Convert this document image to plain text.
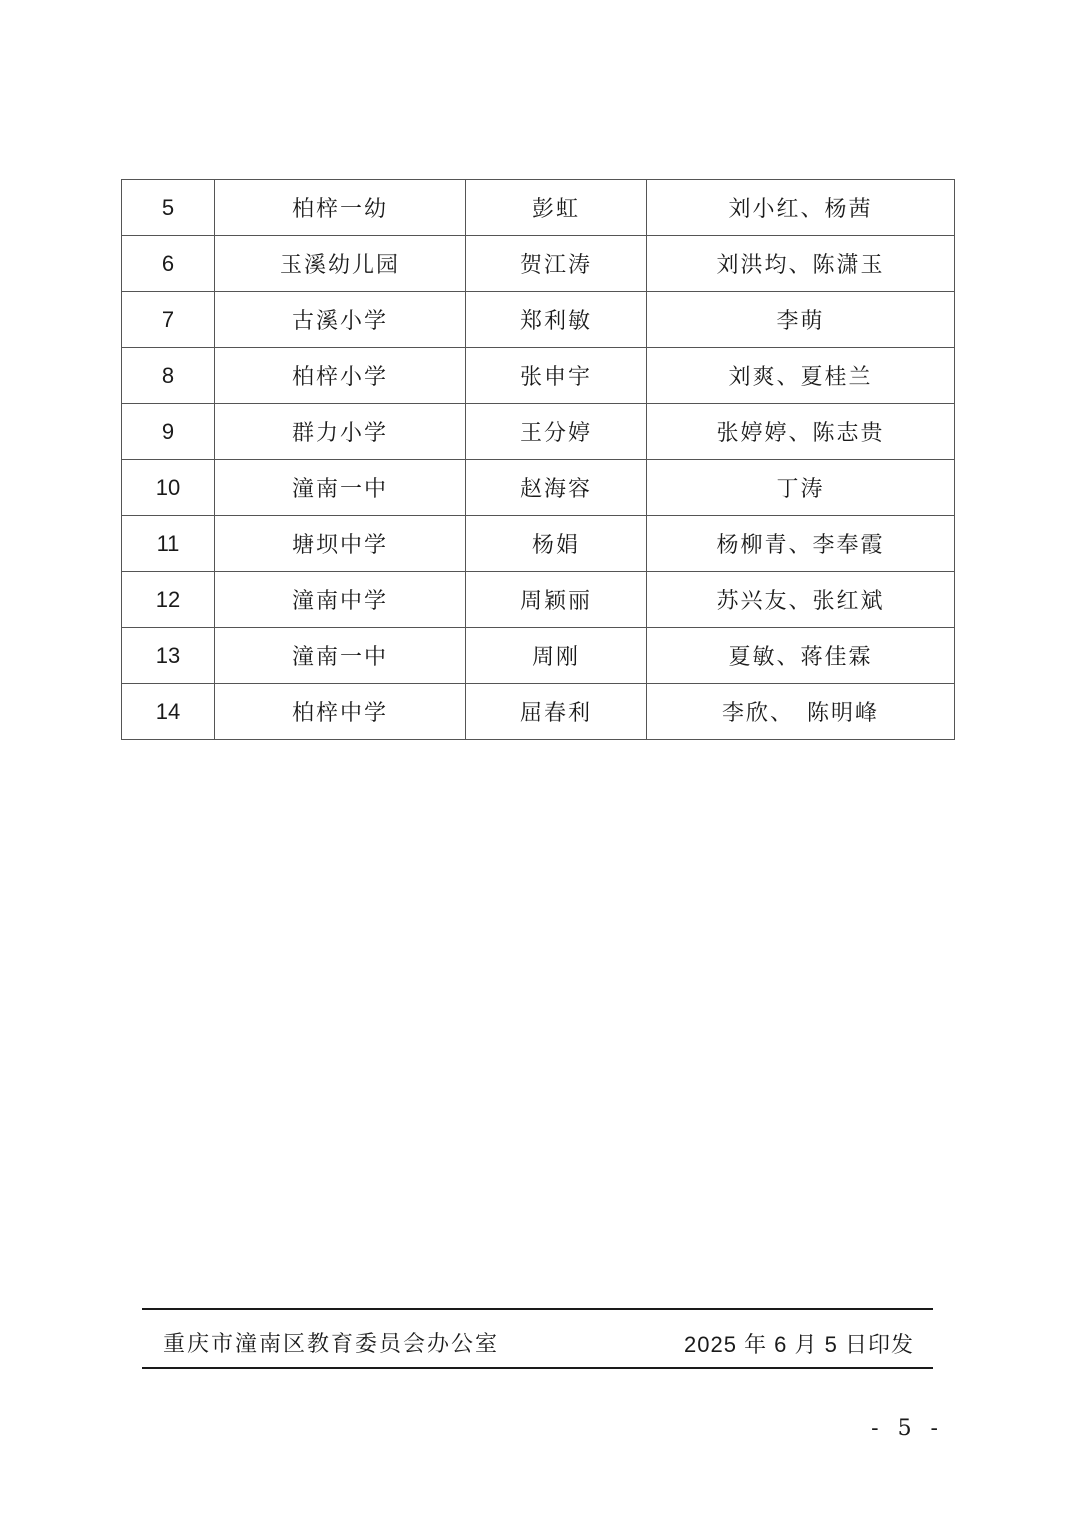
5	柏梓一幼	彭虹	刘小红、杨茜
6	玉溪幼儿园	贺江涛	刘洪均、陈潇玉
7	古溪小学	郑利敏	李萌
8	柏梓小学	张申宇	刘爽、夏桂兰
9	群力小学	王分婷	张婷婷、陈志贵
10	潼南一中	赵海容	丁涛
11	塘坝中学	杨娟	杨柳青、李奉霞
12	潼南中学	周颖丽	苏兴友、张红斌
13	潼南一中	周刚	夏敏、蒋佳霖
14	柏梓中学	屈春利	李欣、　陈明峰
重庆市潼南区教育委员会办公室	2025 年 6 月 5 日印发
- 5 -
